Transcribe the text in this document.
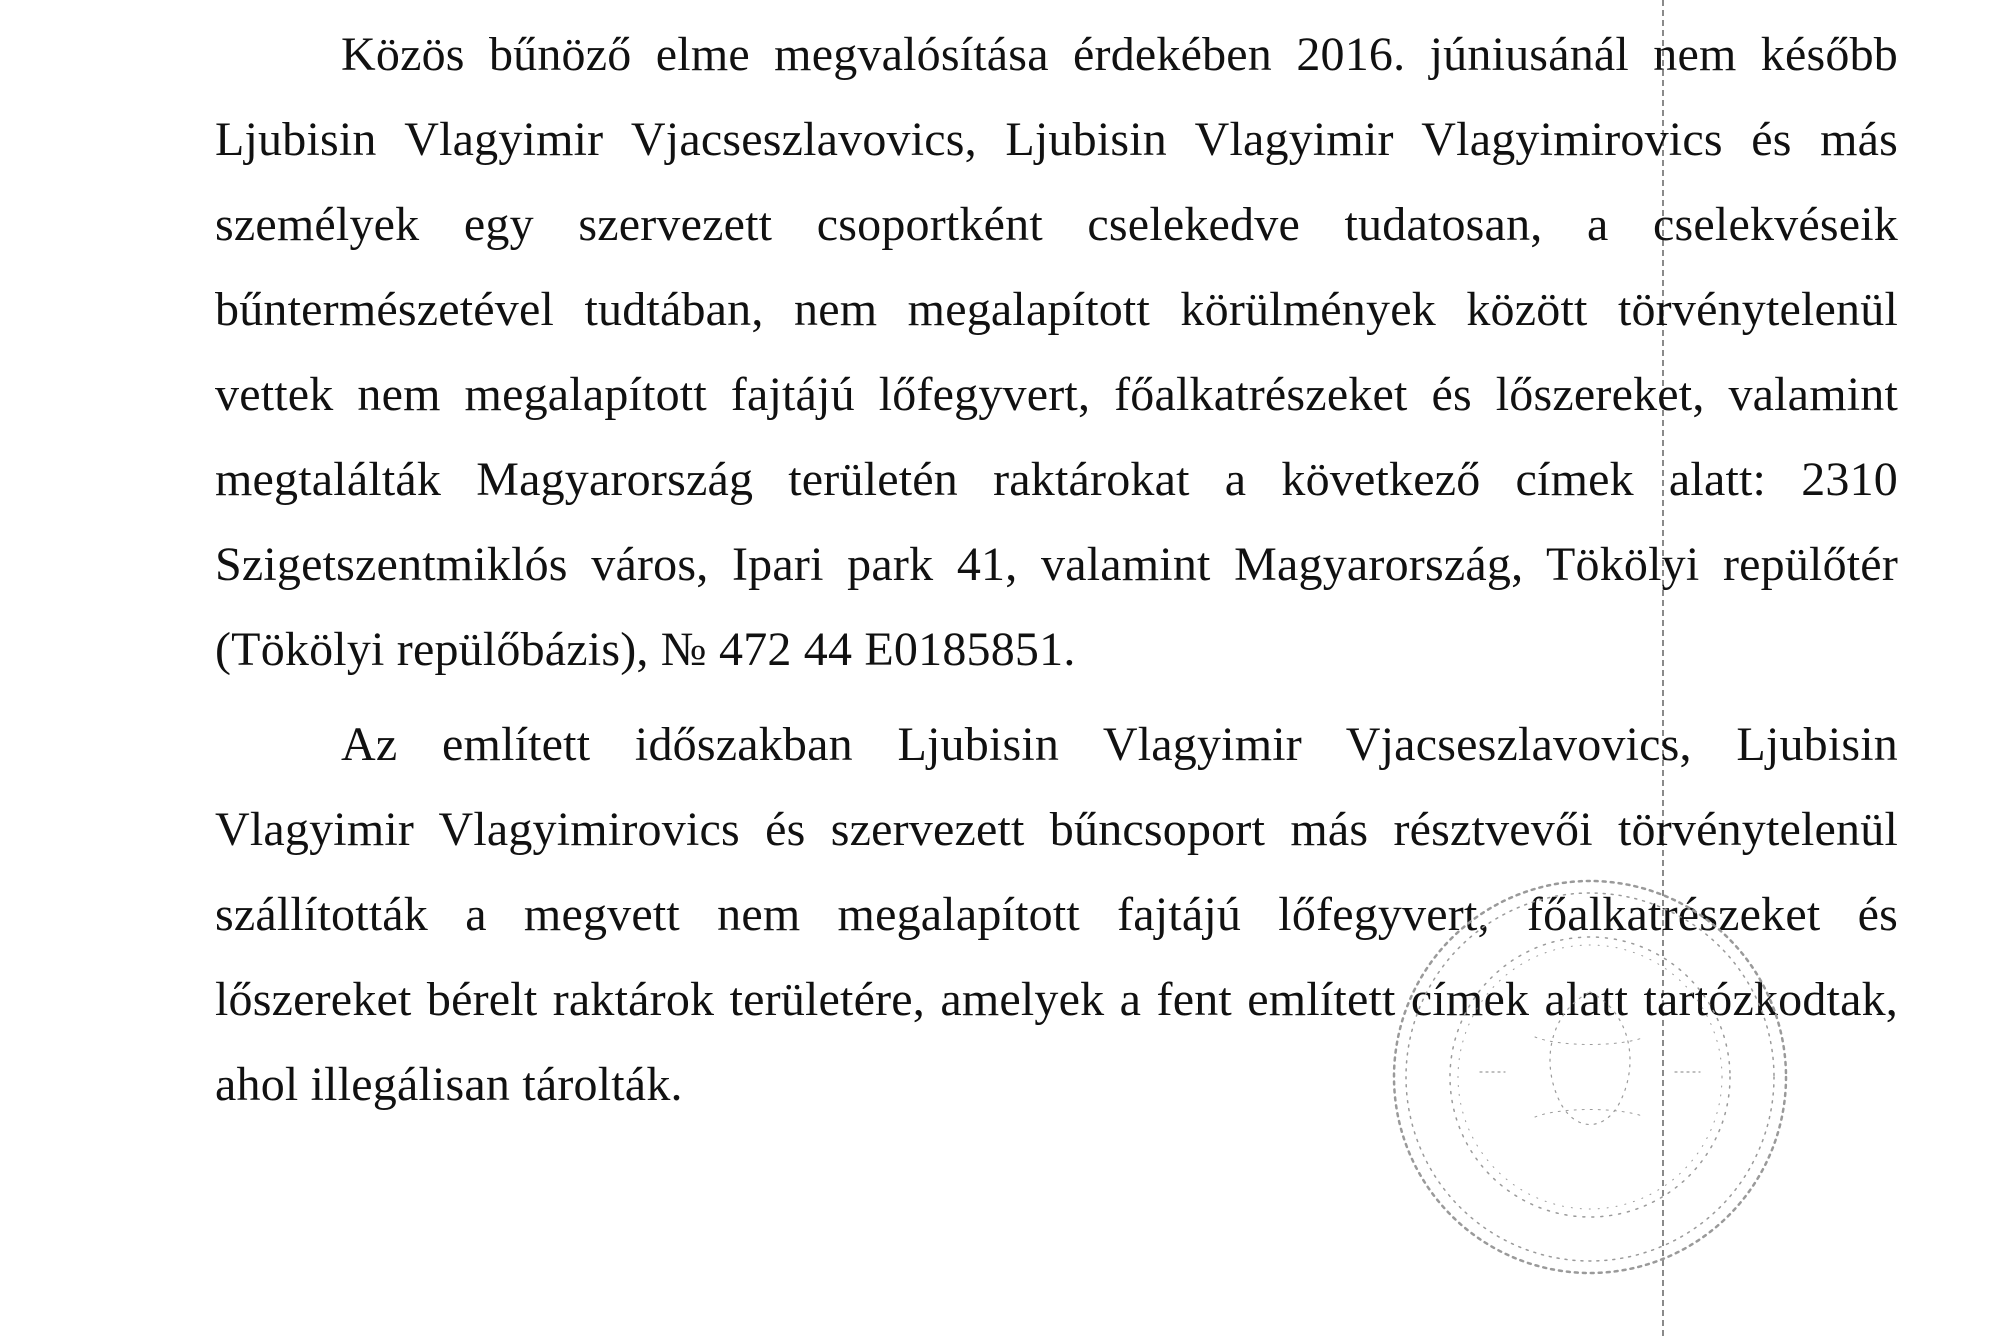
Közös bűnöző elme megvalósítása érdekében 2016. júniusánál nem később Ljubisin Vlagyimir Vjacseszlavovics, Ljubisin Vlagyimir Vlagyimirovics és más személyek egy szervezett csoportként cselekedve tudatosan, a cselekvéseik bűntermészetével tudtában, nem megalapított körülmények között törvénytelenül vettek nem megalapított fajtájú lőfegyvert, főalkatrészeket és lőszereket, valamint megtalálták Magyarország területén raktárokat a következő címek alatt: 2310 Szigetszentmiklós város, Ipari park 41, valamint Magyarország, Tökölyi repülőtér (Tökölyi repülőbázis), № 472 44 E0185851.

Az említett időszakban Ljubisin Vlagyimir Vjacseszlavovics, Ljubisin Vlagyimir Vlagyimirovics és szervezett bűncsoport más résztvevői törvénytelenül szállították a megvett nem megalapított fajtájú lőfegyvert, főalkatrészeket és lőszereket bérelt raktárok területére, amelyek a fent említett címek alatt tartózkodtak, ahol illegálisan tárolták.
